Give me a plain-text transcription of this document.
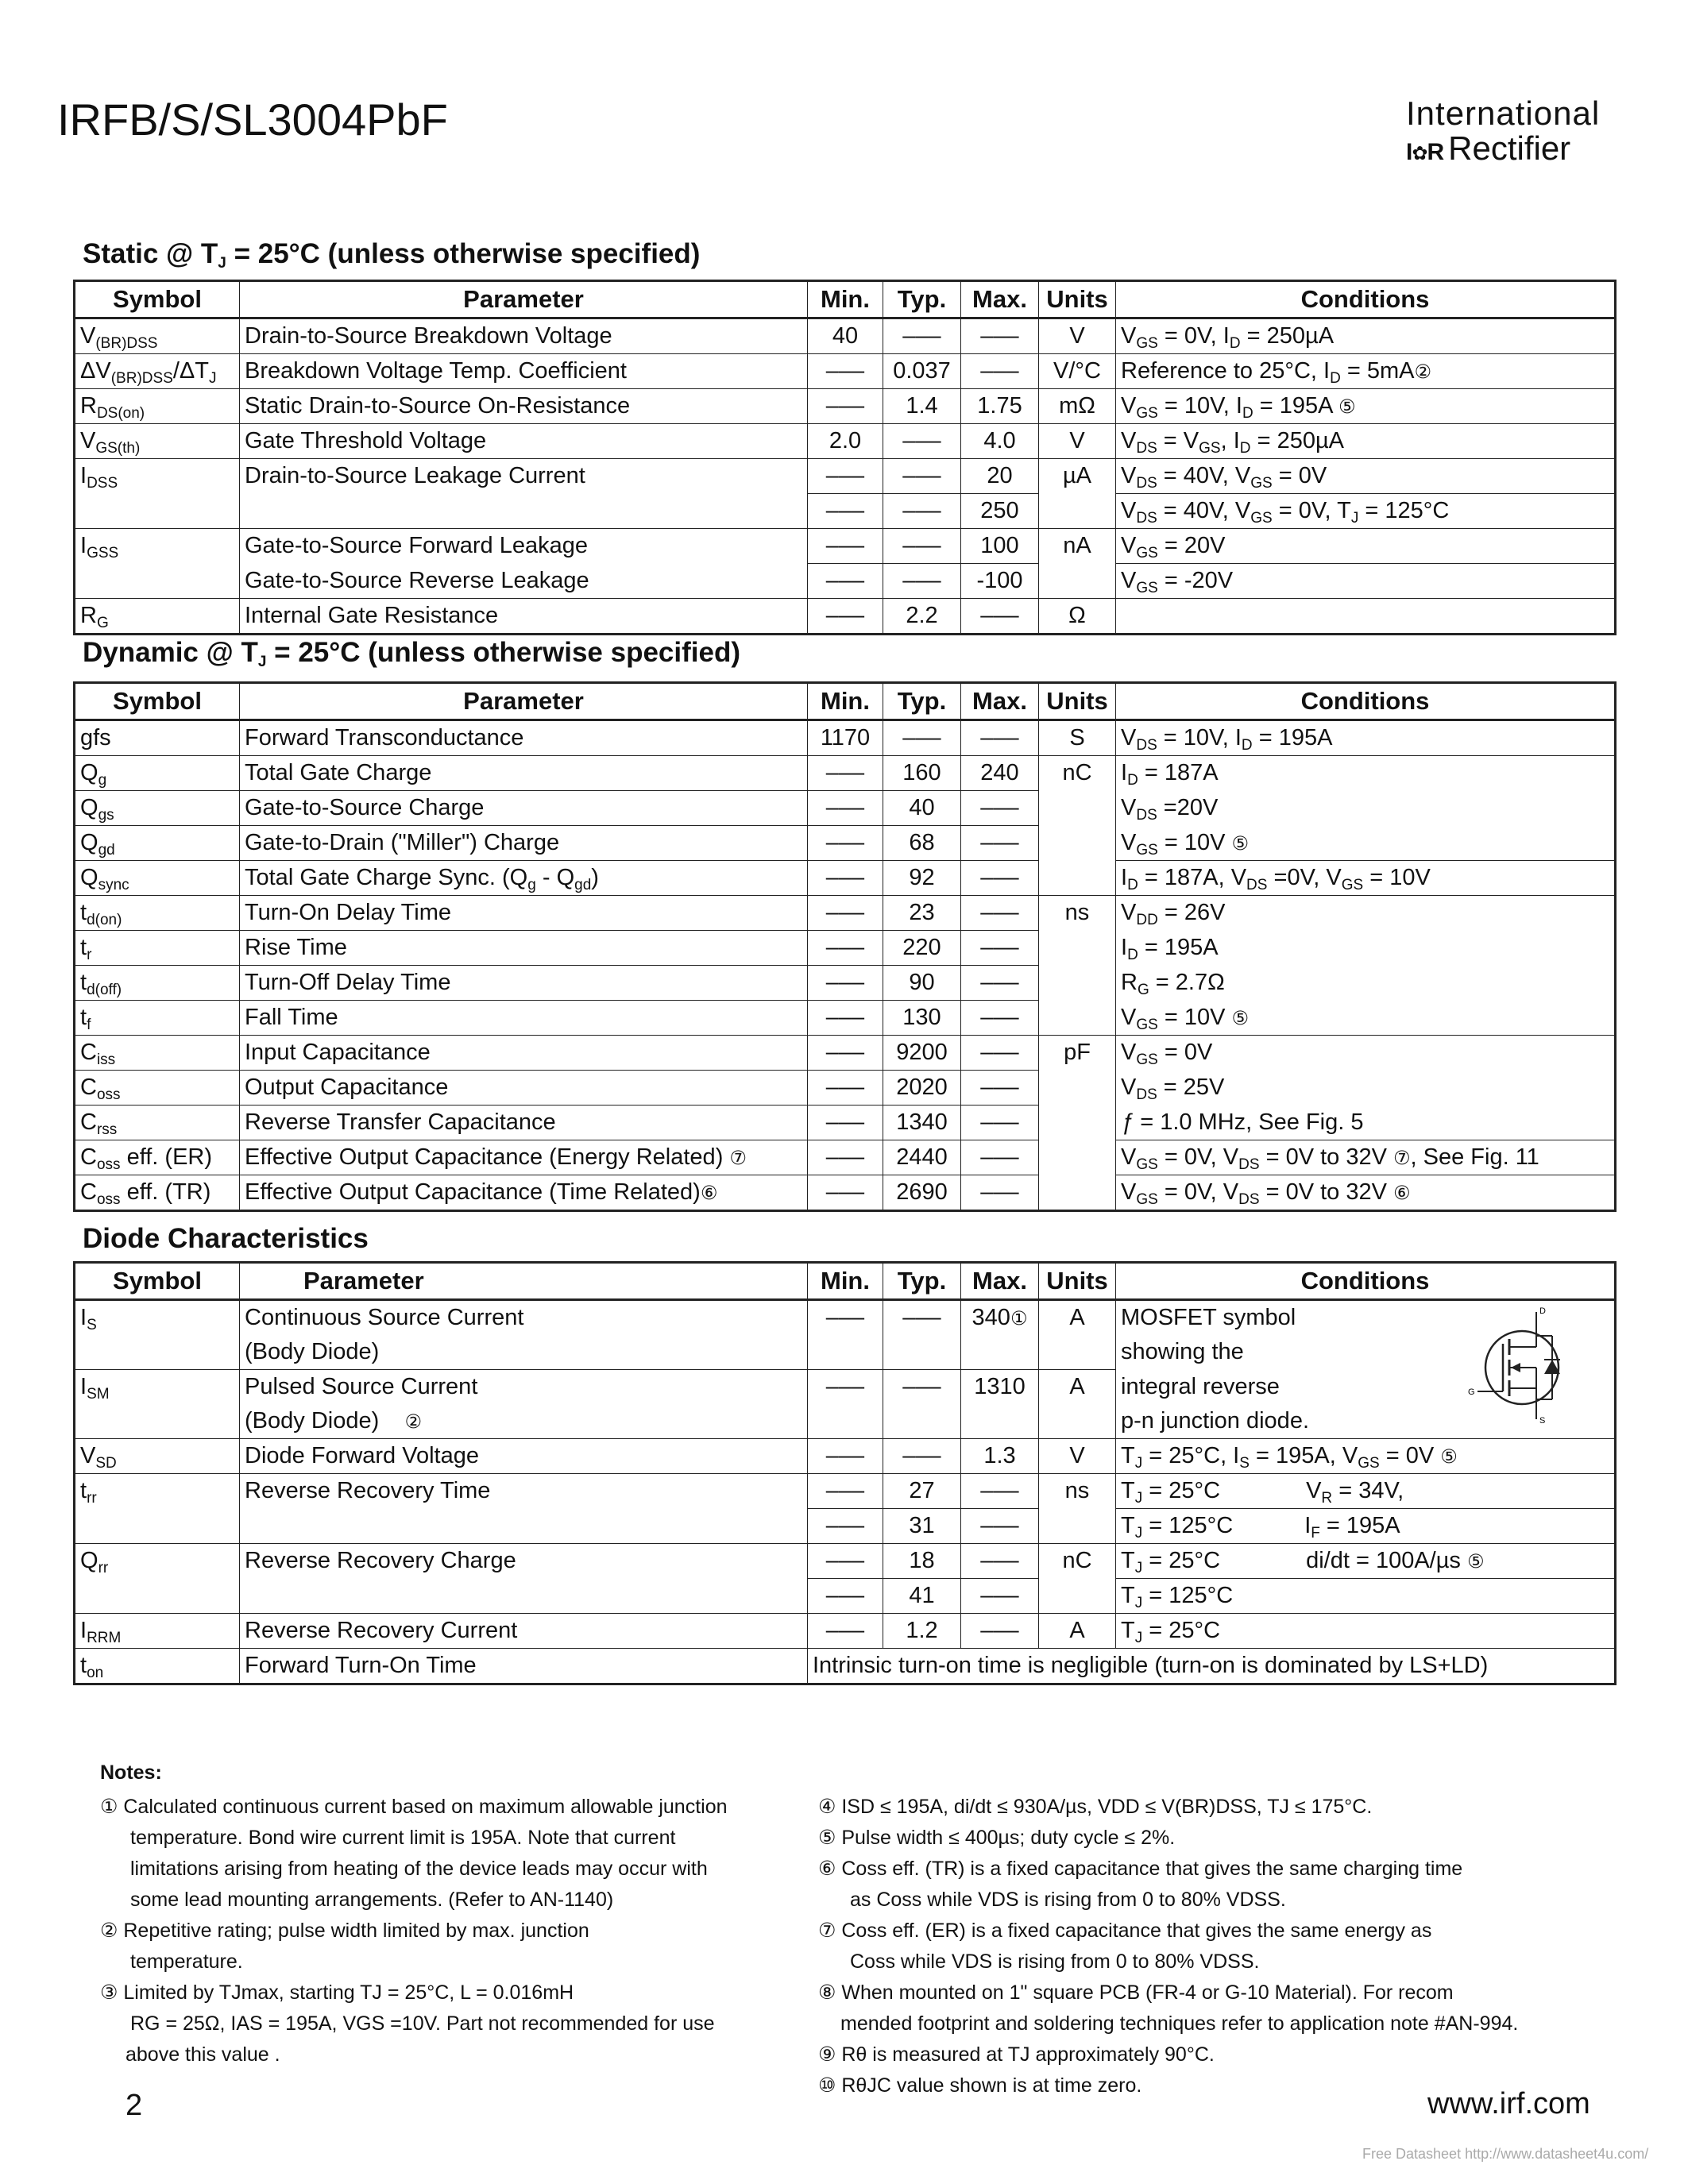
IRFB/S/SL3004PbF	International
I✿R Rectifier
Static @ $T_J = 25^\circ C$ (unless otherwise specified)
Symbol	Parameter	Min.	Typ.	Max.	Units	Conditions
$V_{(BR)DSS}$	Drain-to-Source Breakdown Voltage	40	–––	–––	V	$V_{GS} = 0V$, $I_D = 250\mu A$
$\Delta V_{(BR)DSS}/\Delta T_J$	Breakdown Voltage Temp. Coefficient	–––	0.037	–––	V/°C	Reference to 25°C, $I_D$ = 5mA②
$R_{DS(on)}$	Static Drain-to-Source On-Resistance	–––	1.4	1.75	mΩ	$V_{GS} = 10V$, $I_D = 195A$ ⑤
$V_{GS(th)}$	Gate Threshold Voltage	2.0	–––	4.0	V	$V_{DS} = V_{GS}$, $I_D = 250\mu A$
$I_{DSS}$	Drain-to-Source Leakage Current	–––	–––	20	µA	$V_{DS} = 40V$, $V_{GS} = 0V$
		–––	–––	250		$V_{DS} = 40V$, $V_{GS} = 0V$, $T_J = 125^\circ C$
$I_{GSS}$	Gate-to-Source Forward Leakage	–––	–––	100	nA	$V_{GS} = 20V$
	Gate-to-Source Reverse Leakage	–––	–––	-100		$V_{GS} = -20V$
$R_G$	Internal Gate Resistance	–––	2.2	–––	Ω	
Dynamic @ $T_J = 25^\circ C$ (unless otherwise specified)
Symbol	Parameter	Min.	Typ.	Max.	Units	Conditions
gfs	Forward Transconductance	1170	–––	–––	S	$V_{DS} = 10V$, $I_D = 195A$
$Q_g$	Total Gate Charge	–––	160	240	nC	$I_D = 187A$
$Q_{gs}$	Gate-to-Source Charge	–––	40	–––		$V_{DS} =20V$
$Q_{gd}$	Gate-to-Drain ("Miller") Charge	–––	68	–––		$V_{GS} = 10V$ ⑤
$Q_{sync}$	Total Gate Charge Sync. $(Q_g - Q_{gd})$	–––	92	–––		$I_D = 187A$, $V_{DS} =0V$, $V_{GS} = 10V$
$t_{d(on)}$	Turn-On Delay Time	–––	23	–––	ns	$V_{DD} = 26V$
$t_r$	Rise Time	–––	220	–––		$I_D = 195A$
$t_{d(off)}$	Turn-Off Delay Time	–––	90	–––		$R_G = 2.7\Omega$
$t_f$	Fall Time	–––	130	–––		$V_{GS} = 10V$ ⑤
$C_{iss}$	Input Capacitance	–––	9200	–––	pF	$V_{GS} = 0V$
$C_{oss}$	Output Capacitance	–––	2020	–––		$V_{DS} = 25V$
$C_{rss}$	Reverse Transfer Capacitance	–––	1340	–––		ƒ = 1.0 MHz, See Fig. 5
$C_{oss}$ eff. (ER)	Effective Output Capacitance (Energy Related) ⑦	–––	2440	–––		$V_{GS} = 0V$, $V_{DS} = 0V$ to 32V ⑦, See Fig. 11
$C_{oss}$ eff. (TR)	Effective Output Capacitance (Time Related)⑥	–––	2690	–––		$V_{GS} = 0V$, $V_{DS} = 0V$ to 32V ⑥
Diode Characteristics
Symbol	Parameter	Min.	Typ.	Max.	Units	Conditions
$I_S$	Continuous Source Current	–––	–––	340①	A	MOSFET symbol
	(Body Diode)					showing the
$I_{SM}$	Pulsed Source Current	–––	–––	1310	A	integral reverse
	(Body Diode)    ②					p-n junction diode.
$V_{SD}$	Diode Forward Voltage	–––	–––	1.3	V	$T_J = 25^\circ C$, $I_S = 195A$, $V_{GS} = 0V$ ⑤
$t_{rr}$	Reverse Recovery Time	–––	27	–––	ns	$T_J = 25^\circ C$ $V_R = 34V$,
		–––	31	–––		$T_J = 125^\circ C$ $I_F = 195A$
$Q_{rr}$	Reverse Recovery Charge	–––	18	–––	nC	$T_J = 25^\circ C$ di/dt = 100A/µs ⑤
		–––	41	–––		$T_J = 125^\circ C$
$I_{RRM}$	Reverse Recovery Current	–––	1.2	–––	A	$T_J = 25^\circ C$
$t_{on}$	Forward Turn-On Time	Intrinsic turn-on time is negligible (turn-on is dominated by LS+LD)				
D
G
S
Notes:

① Calculated continuous current based on maximum allowable junction

temperature. Bond wire current limit is 195A. Note that current

limitations arising from heating of the device leads may occur with

some lead mounting arrangements. (Refer to AN-1140)

② Repetitive rating; pulse width limited by max. junction

temperature.

③ Limited by TJmax, starting TJ = 25°C, L = 0.016mH

RG = 25Ω, IAS = 195A, VGS =10V. Part not recommended for use

above this value .

④ ISD ≤ 195A, di/dt ≤ 930A/µs, VDD ≤ V(BR)DSS, TJ ≤ 175°C.

⑤ Pulse width ≤ 400µs; duty cycle ≤ 2%.

⑥ Coss eff. (TR) is a fixed capacitance that gives the same charging time

as Coss while VDS is rising from 0 to 80% VDSS.

⑦ Coss eff. (ER) is a fixed capacitance that gives the same energy as

Coss while VDS is rising from 0 to 80% VDSS.

⑧ When mounted on 1" square PCB (FR-4 or G-10 Material). For recom

mended footprint and soldering techniques refer to application note #AN-994.

⑨ Rθ is measured at TJ approximately 90°C.

⑩ RθJC value shown is at time zero.

2	www.irf.com
Free Datasheet http://www.datasheet4u.com/
